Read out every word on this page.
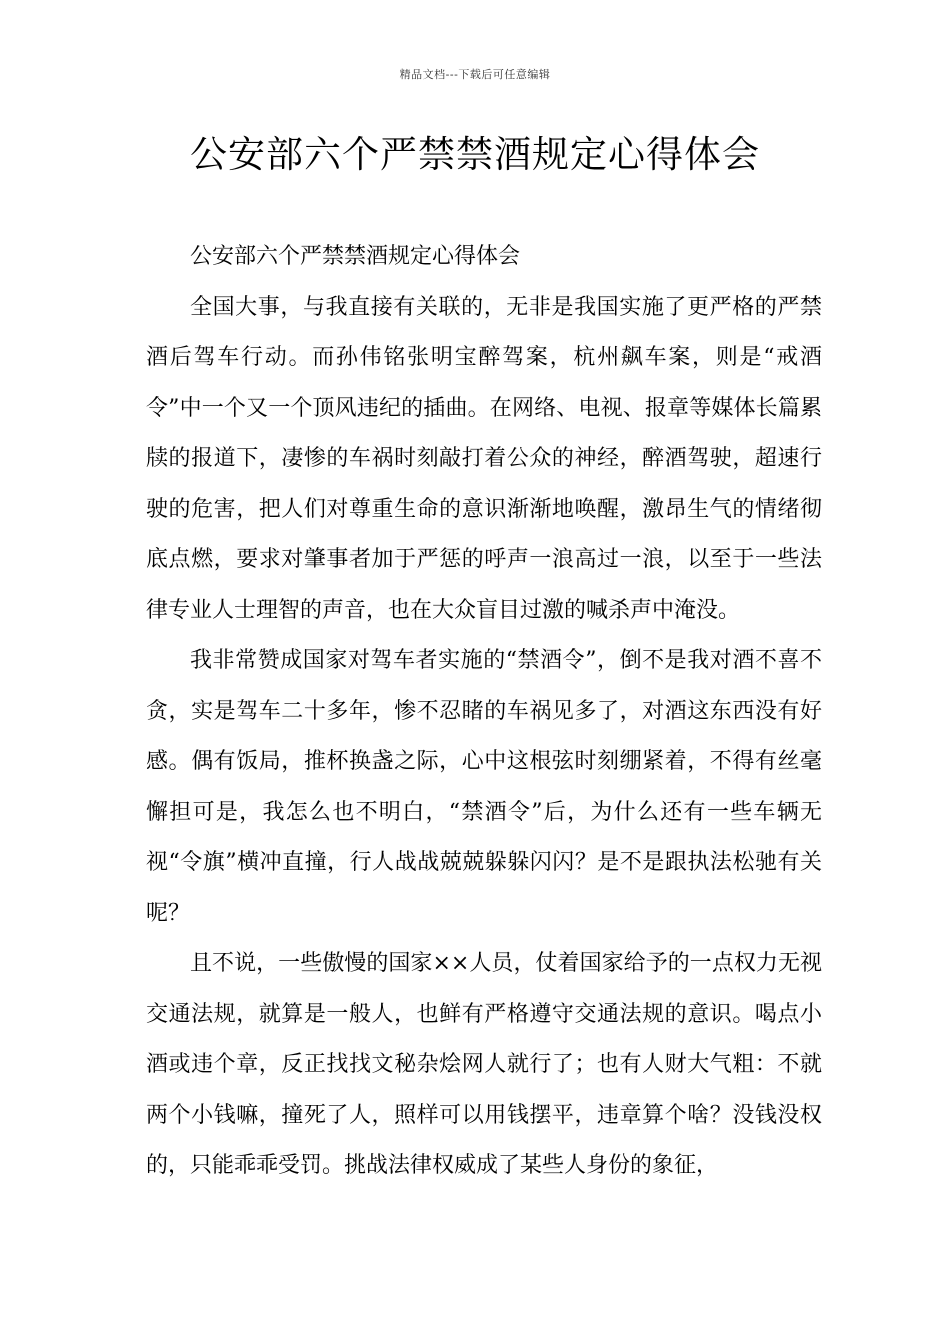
精品文档---下载后可任意编辑
公安部六个严禁禁酒规定心得体会

公安部六个严禁禁酒规定心得体会

全国大事，与我直接有关联的，无非是我国实施了更严格的严禁酒后驾车行动。而孙伟铭张明宝醉驾案，杭州飙车案，则是“戒酒令”中一个又一个顶风违纪的插曲。在网络、电视、报章等媒体长篇累牍的报道下，凄惨的车祸时刻敲打着公众的神经，醉酒驾驶，超速行驶的危害，把人们对尊重生命的意识渐渐地唤醒，激昂生气的情绪彻底点燃，要求对肇事者加于严惩的呼声一浪高过一浪，以至于一些法律专业人士理智的声音，也在大众盲目过激的喊杀声中淹没。

我非常赞成国家对驾车者实施的“禁酒令”，倒不是我对酒不喜不贪，实是驾车二十多年，惨不忍睹的车祸见多了，对酒这东西没有好感。偶有饭局，推杯换盏之际，心中这根弦时刻绷紧着，不得有丝毫懈担可是，我怎么也不明白，“禁酒令”后，为什么还有一些车辆无视“令旗”横冲直撞，行人战战兢兢躲躲闪闪？是不是跟执法松驰有关呢？

且不说，一些傲慢的国家××人员，仗着国家给予的一点权力无视交通法规，就算是一般人，也鲜有严格遵守交通法规的意识。喝点小酒或违个章，反正找找文秘杂烩网人就行了；也有人财大气粗：不就两个小钱嘛，撞死了人，照样可以用钱摆平，违章算个啥？没钱没权的，只能乖乖受罚。挑战法律权威成了某些人身份的象征，
